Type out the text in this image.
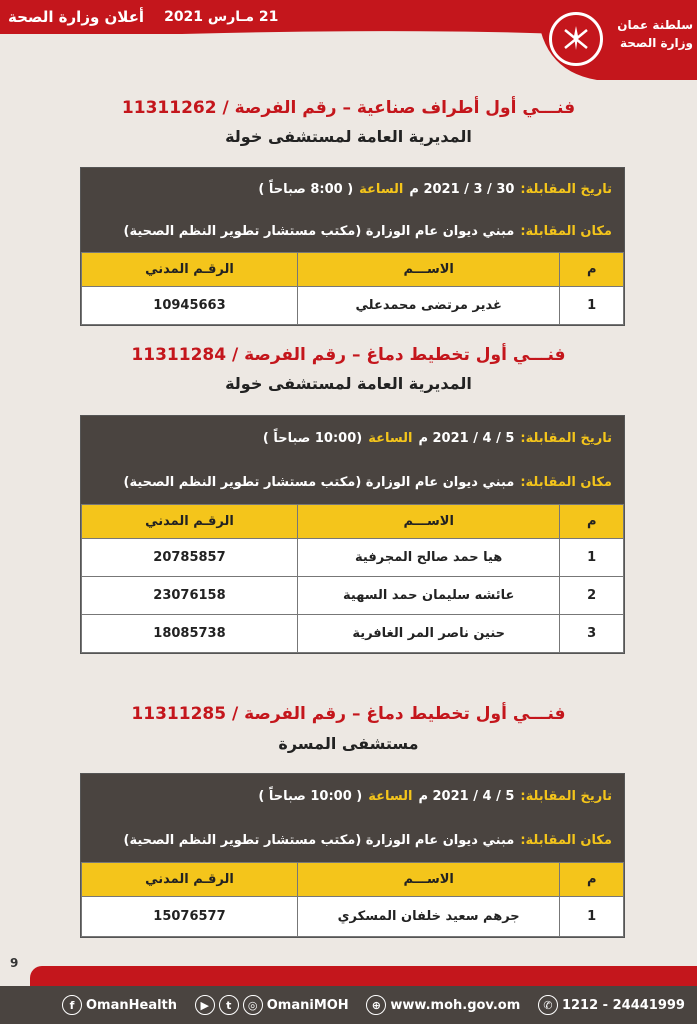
أعلان وزارة الصحة 21 مـارس 2021	سلطنة عمان
وزارة الصحة
فنـــي أول أطراف صناعية – رقم الفرصة / 11311262
المديرية العامة لمستشفى خولة
تاريخ المقابلة:
30 / 3 / 2021 م
الساعة
( 8:00 صباحاً )
مكان المقابلة:
مبني ديوان عام الوزارة (مكتب مستشار تطوير النظم الصحية)
م	الاســـم	الرقـم المدني
1	غدير مرتضى محمدعلي	10945663
فنـــي أول تخطيط دماغ – رقم الفرصة / 11311284
المديرية العامة لمستشفى خولة
تاريخ المقابلة:
5 / 4 / 2021 م
الساعة
(10:00 صباحاً )
مكان المقابلة:
مبني ديوان عام الوزارة (مكتب مستشار تطوير النظم الصحية)
م	الاســـم	الرقـم المدني
1	هيا حمد صالح المجرفية	20785857
2	عائشه سليمان حمد السهية	23076158
3	حنين ناصر المر الغافرية	18085738
فنـــي أول تخطيط دماغ – رقم الفرصة / 11311285
مستشفى المسرة
تاريخ المقابلة:
5 / 4 / 2021 م
الساعة
( 10:00 صباحاً )
مكان المقابلة:
مبني ديوان عام الوزارة (مكتب مستشار تطوير النظم الصحية)
م	الاســـم	الرقـم المدني
1	جرهم سعيد خلفان المسكري	15076577
9
f OmanHealth	▶	t	◎ OmaniMOH	⊕ www.moh.gov.om	✆ 1212 - 24441999
